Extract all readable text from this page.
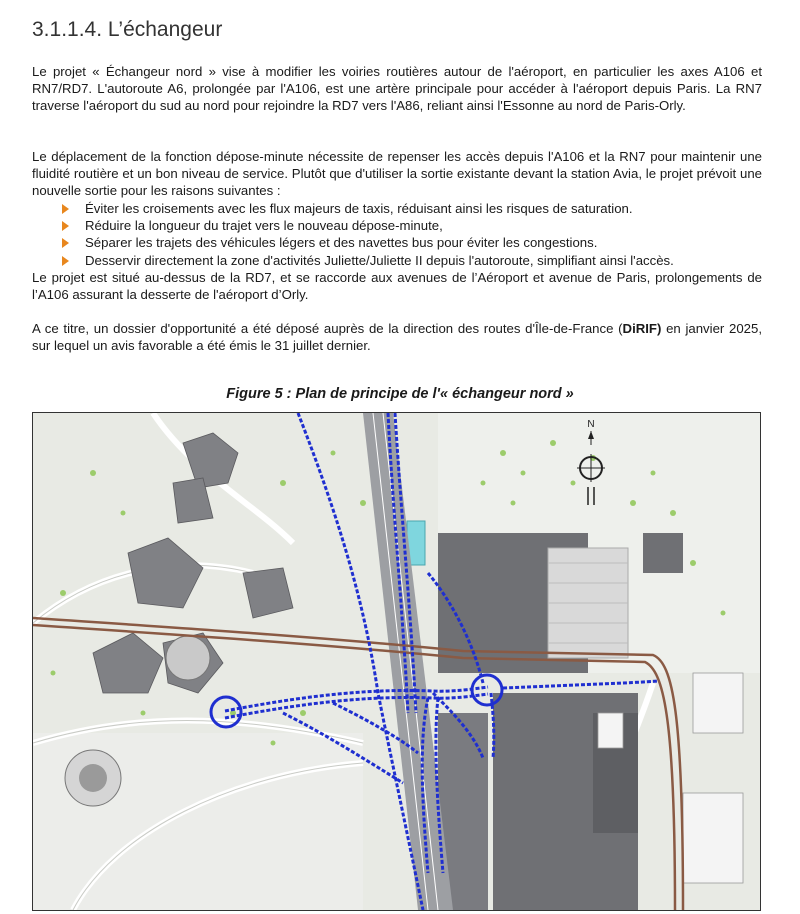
3.1.1.4. L’échangeur

Le projet « Échangeur nord » vise à modifier les voiries routières autour de l'aéroport, en particulier les axes A106 et RN7/RD7. L'autoroute A6, prolongée par l'A106, est une artère principale pour accéder à l'aéroport depuis Paris. La RN7 traverse l'aéroport du sud au nord pour rejoindre la RD7 vers l'A86, reliant ainsi l'Essonne au nord de Paris-Orly.

Le déplacement de la fonction dépose-minute nécessite de repenser les accès depuis l'A106 et la RN7 pour maintenir une fluidité routière et un bon niveau de service. Plutôt que d'utiliser la sortie existante devant la station Avia, le projet prévoit une nouvelle sortie pour les raisons suivantes :

Éviter les croisements avec les flux majeurs de taxis, réduisant ainsi les risques de saturation.
Réduire la longueur du trajet vers le nouveau dépose-minute,
Séparer les trajets des véhicules légers et des navettes bus pour éviter les congestions.
Desservir directement la zone d'activités Juliette/Juliette II depuis l'autoroute, simplifiant ainsi l'accès.

Le projet est situé au-dessus de la RD7, et se raccorde aux avenues de l’Aéroport et avenue de Paris, prolongements de l’A106 assurant la desserte de l'aéroport d’Orly.

A ce titre, un dossier d'opportunité a été déposé auprès de la direction des routes d'Île-de-France (DiRIF) en janvier 2025, sur lequel un avis favorable a été émis le 31 juillet dernier.

Figure 5 : Plan de principe de l'« échangeur nord »

N
